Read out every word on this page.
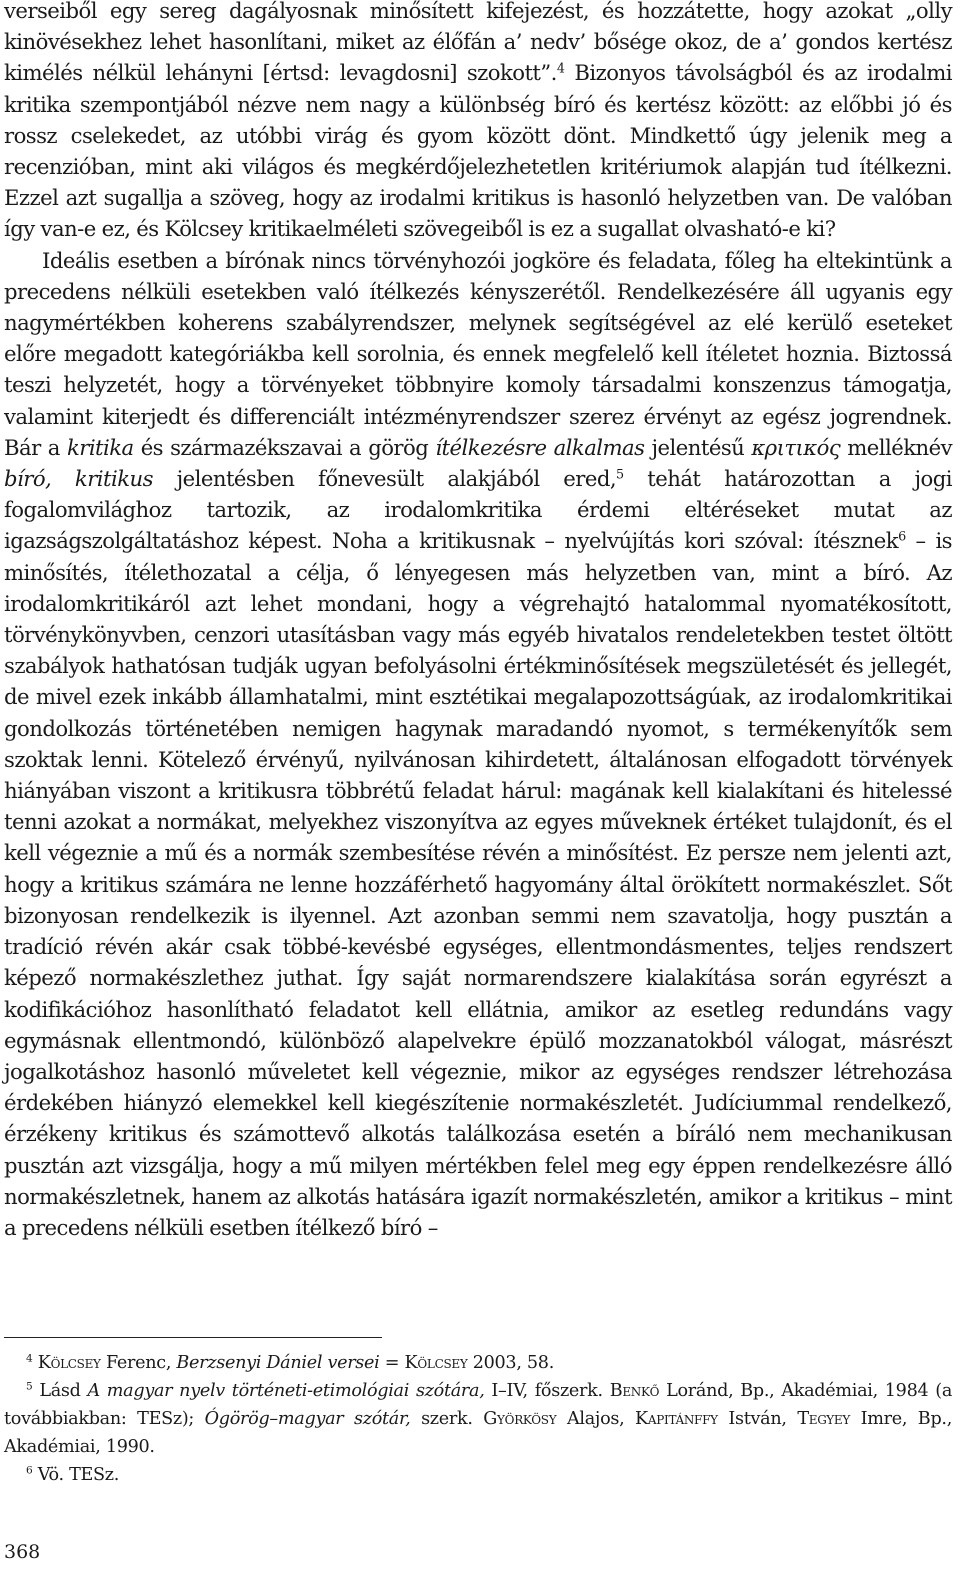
verseiből egy sereg dagályosnak minősített kifejezést, és hozzátette, hogy azokat „olly kinövésekhez lehet hasonlítani, miket az élőfán a’ nedv’ bősége okoz, de a’ gondos kertész kimélés nélkül lehányni [értsd: levagdosni] szokott”.$^4$ Bizonyos távolságból és az irodalmi kritika szempontjából nézve nem nagy a különbség bíró és kertész között: az előbbi jó és rossz cselekedet, az utóbbi virág és gyom között dönt. Mindkettő úgy jelenik meg a recenzióban, mint aki világos és megkérdőjelezhetetlen kritériumok alapján tud ítélkezni. Ezzel azt sugallja a szöveg, hogy az irodalmi kritikus is hasonló helyzetben van. De valóban így van-e ez, és Kölcsey kritikaelméleti szövegeiből is ez a sugallat olvasható-e ki?

Ideális esetben a bírónak nincs törvényhozói jogköre és feladata, főleg ha eltekintünk a precedens nélküli esetekben való ítélkezés kényszerétől. Rendelkezésére áll ugyanis egy nagymértékben koherens szabályrendszer, melynek segítségével az elé kerülő eseteket előre megadott kategóriákba kell sorolnia, és ennek megfelelő kell ítéletet hoznia. Biztossá teszi helyzetét, hogy a törvényeket többnyire komoly társadalmi konszenzus támogatja, valamint kiterjedt és differenciált intézményrendszer szerez érvényt az egész jogrendnek. Bár a kritika és származékszavai a görög ítélkezésre alkalmas jelentésű κριτικός melléknév bíró, kritikus jelentésben főnevesült alakjából ered,$^5$ tehát határozottan a jogi fogalomvilághoz tartozik, az irodalomkritika érdemi eltéréseket mutat az igazságszolgáltatáshoz képest. Noha a kritikusnak – nyelvújítás kori szóval: ítésznek$^6$ – is minősítés, ítélethozatal a célja, ő lényegesen más helyzetben van, mint a bíró. Az irodalomkritikáról azt lehet mondani, hogy a végrehajtó hatalommal nyomatékosított, törvénykönyvben, cenzori utasításban vagy más egyéb hivatalos rendeletekben testet öltött szabályok hathatósan tudják ugyan befolyásolni értékminősítések megszületését és jellegét, de mivel ezek inkább államhatalmi, mint esztétikai megalapozottságúak, az irodalomkritikai gondolkozás történetében nemigen hagynak maradandó nyomot, s termékenyítők sem szoktak lenni. Kötelező érvényű, nyilvánosan kihirdetett, általánosan elfogadott törvények hiányában viszont a kritikusra többrétű feladat hárul: magának kell kialakítani és hitelessé tenni azokat a normákat, melyekhez viszonyítva az egyes műveknek értéket tulajdonít, és el kell végeznie a mű és a normák szembesítése révén a minősítést. Ez persze nem jelenti azt, hogy a kritikus számára ne lenne hozzáférhető hagyomány által örökített normakészlet. Sőt bizonyosan rendelkezik is ilyennel. Azt azonban semmi nem szavatolja, hogy pusztán a tradíció révén akár csak többé-kevésbé egységes, ellentmondásmentes, teljes rendszert képező normakészlethez juthat. Így saját normarendszere kialakítása során egyrészt a kodifikációhoz hasonlítható feladatot kell ellátnia, amikor az esetleg redundáns vagy egymásnak ellentmondó, különböző alapelvekre épülő mozzanatokból válogat, másrészt jogalkotáshoz hasonló műveletet kell végeznie, mikor az egységes rendszer létrehozása érdekében hiányzó elemekkel kell kiegészítenie normakészletét. Judíciummal rendelkező, érzékeny kritikus és számottevő alkotás találkozása esetén a bíráló nem mechanikusan pusztán azt vizsgálja, hogy a mű milyen mértékben felel meg egy éppen rendelkezésre álló normakészletnek, hanem az alkotás hatására igazít normakészletén, amikor a kritikus – mint a precedens nélküli esetben ítélkező bíró –

$^4$ Kölcsey Ferenc, Berzsenyi Dániel versei = Kölcsey 2003, 58.

$^5$ Lásd A magyar nyelv történeti-etimológiai szótára, I–IV, főszerk. Benkő Loránd, Bp., Akadémiai, 1984 (a továbbiakban: TESz); Ógörög–magyar szótár, szerk. Györkösy Alajos, Kapitánffy István, Tegyey Imre, Bp., Akadémiai, 1990.

$^6$ Vö. TESz.

368
